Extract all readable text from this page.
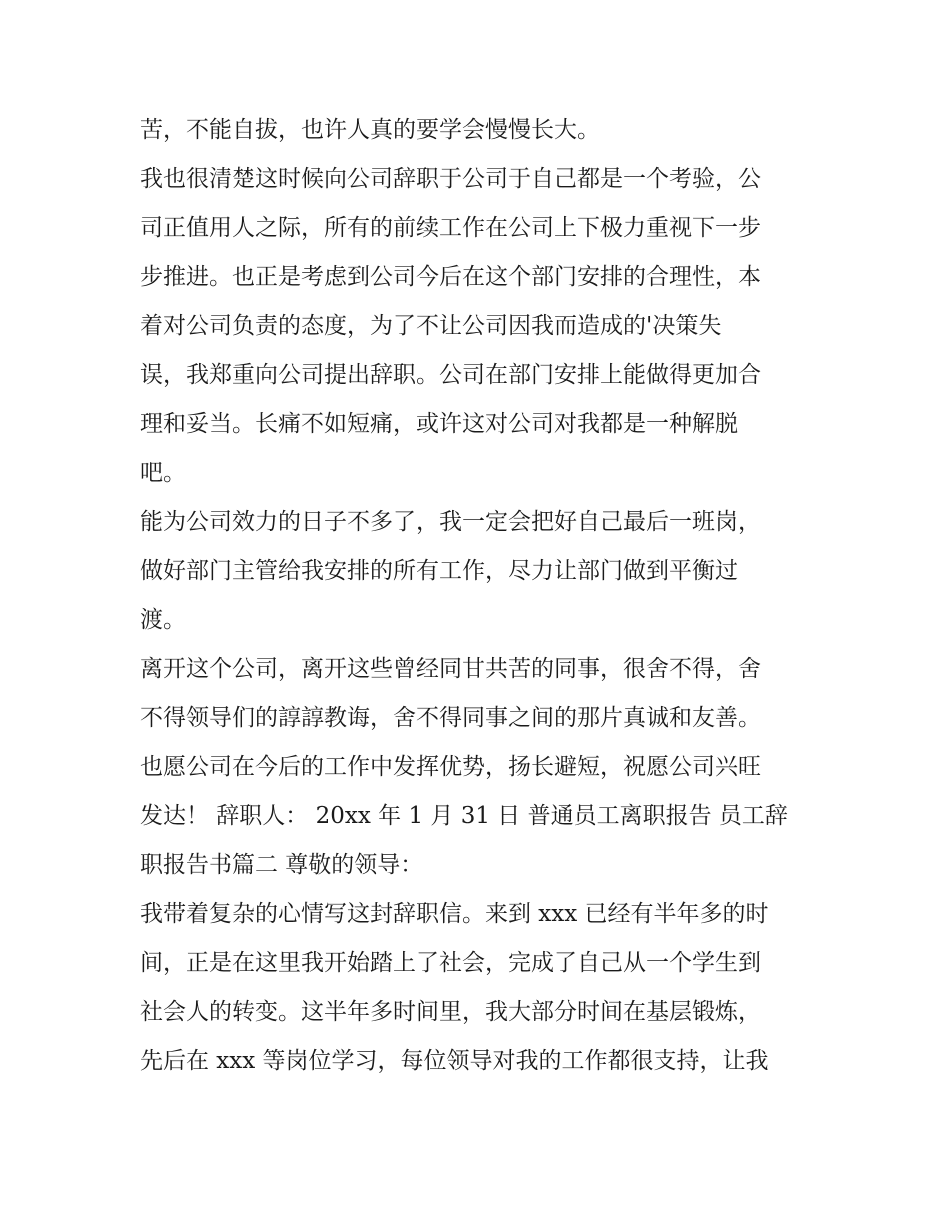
苦，不能自拔，也许人真的要学会慢慢长大。
我也很清楚这时候向公司辞职于公司于自己都是一个考验，公
司正值用人之际，所有的前续工作在公司上下极力重视下一步
步推进。也正是考虑到公司今后在这个部门安排的合理性，本
着对公司负责的态度，为了不让公司因我而造成的'决策失
误，我郑重向公司提出辞职。公司在部门安排上能做得更加合
理和妥当。长痛不如短痛，或许这对公司对我都是一种解脱
吧。
能为公司效力的日子不多了，我一定会把好自己最后一班岗，
做好部门主管给我安排的所有工作，尽力让部门做到平衡过
渡。
离开这个公司，离开这些曾经同甘共苦的同事，很舍不得，舍
不得领导们的諄諄教诲，舍不得同事之间的那片真诚和友善。
也愿公司在今后的工作中发挥优势，扬长避短，祝愿公司兴旺
发达！ 辞职人： 20xx 年 1 月 31 日 普通员工离职报告 员工辞
职报告书篇二 尊敬的领导：
我带着复杂的心情写这封辞职信。来到 xxx 已经有半年多的时
间，正是在这里我开始踏上了社会，完成了自己从一个学生到
社会人的转变。这半年多时间里，我大部分时间在基层锻炼，
先后在 xxx 等岗位学习，每位领导对我的工作都很支持，让我
